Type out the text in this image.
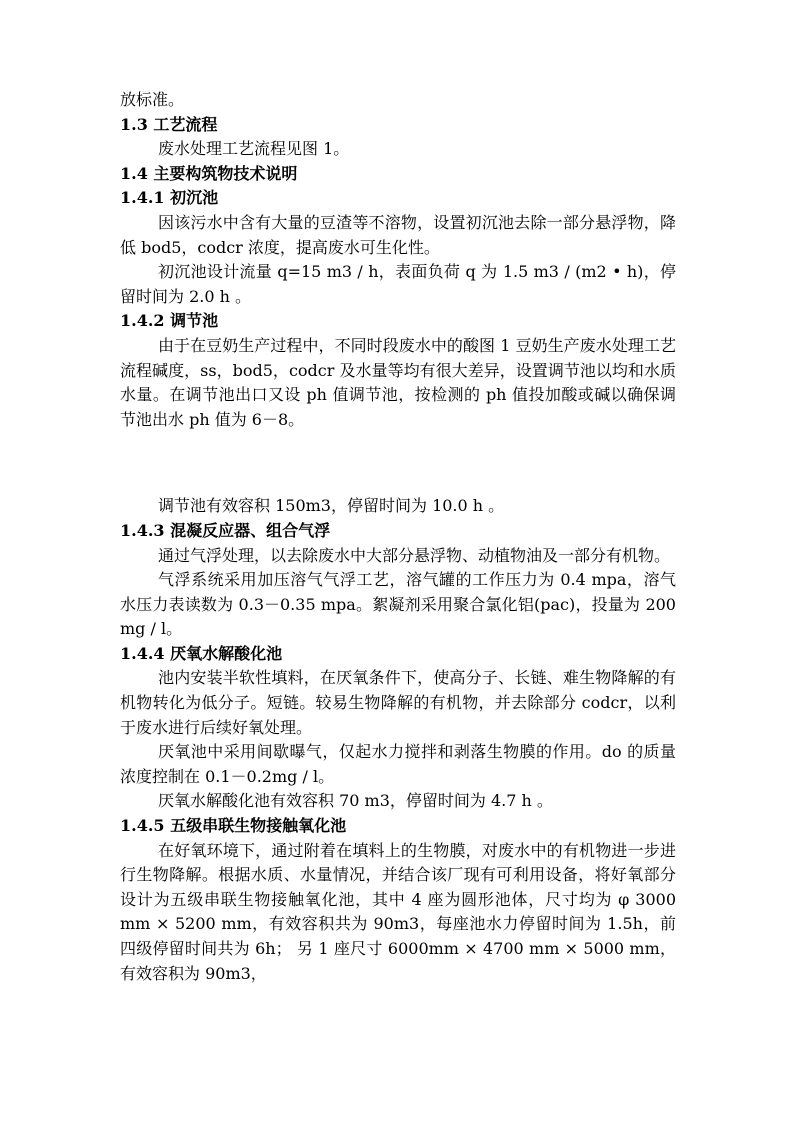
放标准。

1.3 工艺流程

废水处理工艺流程见图 1。

1.4 主要构筑物技术说明

1.4.1 初沉池

因该污水中含有大量的豆渣等不溶物，设置初沉池去除一部分悬浮物，降低 bod5，codcr 浓度，提高废水可生化性。

初沉池设计流量 q=15 m3 / h，表面负荷 q 为 1.5 m3 / (m2 • h)，停留时间为 2.0 h 。

1.4.2 调节池

由于在豆奶生产过程中，不同时段废水中的酸图 1 豆奶生产废水处理工艺流程碱度，ss，bod5，codcr 及水量等均有很大差异，设置调节池以均和水质水量。在调节池出口又设 ph 值调节池，按检测的 ph 值投加酸或碱以确保调节池出水 ph 值为 6－8。

调节池有效容积 150m3，停留时间为 10.0 h 。

1.4.3 混凝反应器、组合气浮

通过气浮处理，以去除废水中大部分悬浮物、动植物油及一部分有机物。

气浮系统采用加压溶气气浮工艺，溶气罐的工作压力为 0.4 mpa，溶气水压力表读数为 0.3－0.35 mpa。絮凝剂采用聚合氯化铝(pac)，投量为 200 mg / l。

1.4.4 厌氧水解酸化池

池内安装半软性填料，在厌氧条件下，使高分子、长链、难生物降解的有机物转化为低分子。短链。较易生物降解的有机物，并去除部分 codcr，以利于废水进行后续好氧处理。

厌氧池中采用间歇曝气，仅起水力搅拌和剥落生物膜的作用。do 的质量浓度控制在 0.1－0.2mg / l。

厌氧水解酸化池有效容积 70 m3，停留时间为 4.7 h 。

1.4.5 五级串联生物接触氧化池

在好氧环境下，通过附着在填料上的生物膜，对废水中的有机物进一步进行生物降解。根据水质、水量情况，并结合该厂现有可利用设备，将好氧部分设计为五级串联生物接触氧化池，其中 4 座为圆形池体，尺寸均为 φ 3000 mm × 5200 mm，有效容积共为 90m3，每座池水力停留时间为 1.5h，前四级停留时间共为 6h； 另 1 座尺寸 6000mm × 4700 mm × 5000 mm，有效容积为 90m3，
